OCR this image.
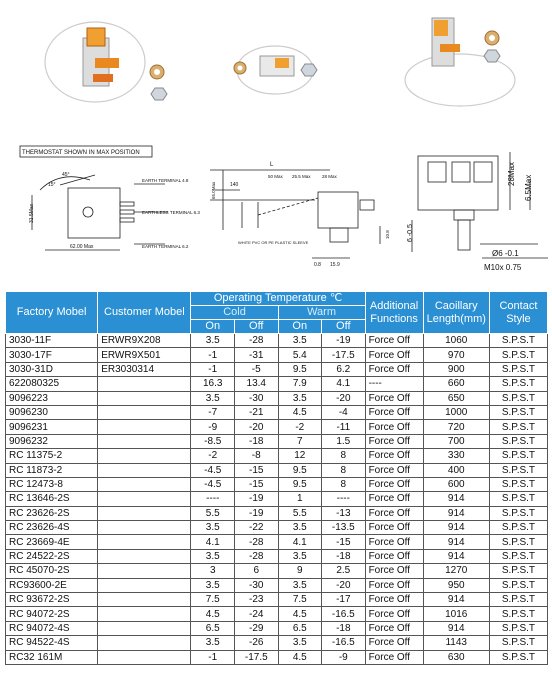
THERMOSTAT SHOWN IN MAX POSITION
EARTH TERMINAL 4.8
EARTHLESS TERMINAL 6.3
EARTH TERMINAL 6.2
62.00 Max
31.5Max
45°
15°
L
50 Max 25.5 Max	28 Max
WHITE PVC OR PE PLASTIC SLEEVE
140
0.8 15.9
65.0Max
10.8
28Max
6.5Max
6 -0.5
Ø6 -0.1
M10x 0.75
Factory Mobel	Customer Mobel	Operating Temperature ℃				Additional Functions	Caoillary Length(mm)	Contact Style
		Cold		Warm				
		On	Off	On	Off			
3030-11F	ERWR9X208	3.5	-28	3.5	-19	Force Off	1060	S.P.S.T
3030-17F	ERWR9X501	-1	-31	5.4	-17.5	Force Off	970	S.P.S.T
3030-31D	ER3030314	-1	-5	9.5	6.2	Force Off	900	S.P.S.T
622080325		16.3	13.4	7.9	4.1	----	660	S.P.S.T
9096223		3.5	-30	3.5	-20	Force Off	650	S.P.S.T
9096230		-7	-21	4.5	-4	Force Off	1000	S.P.S.T
9096231		-9	-20	-2	-11	Force Off	720	S.P.S.T
9096232		-8.5	-18	7	1.5	Force Off	700	S.P.S.T
RC 11375-2		-2	-8	12	8	Force Off	330	S.P.S.T
RC 11873-2		-4.5	-15	9.5	8	Force Off	400	S.P.S.T
RC 12473-8		-4.5	-15	9.5	8	Force Off	600	S.P.S.T
RC 13646-2S		----	-19	1	----	Force Off	914	S.P.S.T
RC 23626-2S		5.5	-19	5.5	-13	Force Off	914	S.P.S.T
RC 23626-4S		3.5	-22	3.5	-13.5	Force Off	914	S.P.S.T
RC 23669-4E		4.1	-28	4.1	-15	Force Off	914	S.P.S.T
RC 24522-2S		3.5	-28	3.5	-18	Force Off	914	S.P.S.T
RC 45070-2S		3	6	9	2.5	Force Off	1270	S.P.S.T
RC93600-2E		3.5	-30	3.5	-20	Force Off	950	S.P.S.T
RC 93672-2S		7.5	-23	7.5	-17	Force Off	914	S.P.S.T
RC 94072-2S		4.5	-24	4.5	-16.5	Force Off	1016	S.P.S.T
RC 94072-4S		6.5	-29	6.5	-18	Force Off	914	S.P.S.T
RC 94522-4S		3.5	-26	3.5	-16.5	Force Off	1143	S.P.S.T
RC32 161M		-1	-17.5	4.5	-9	Force Off	630	S.P.S.T
